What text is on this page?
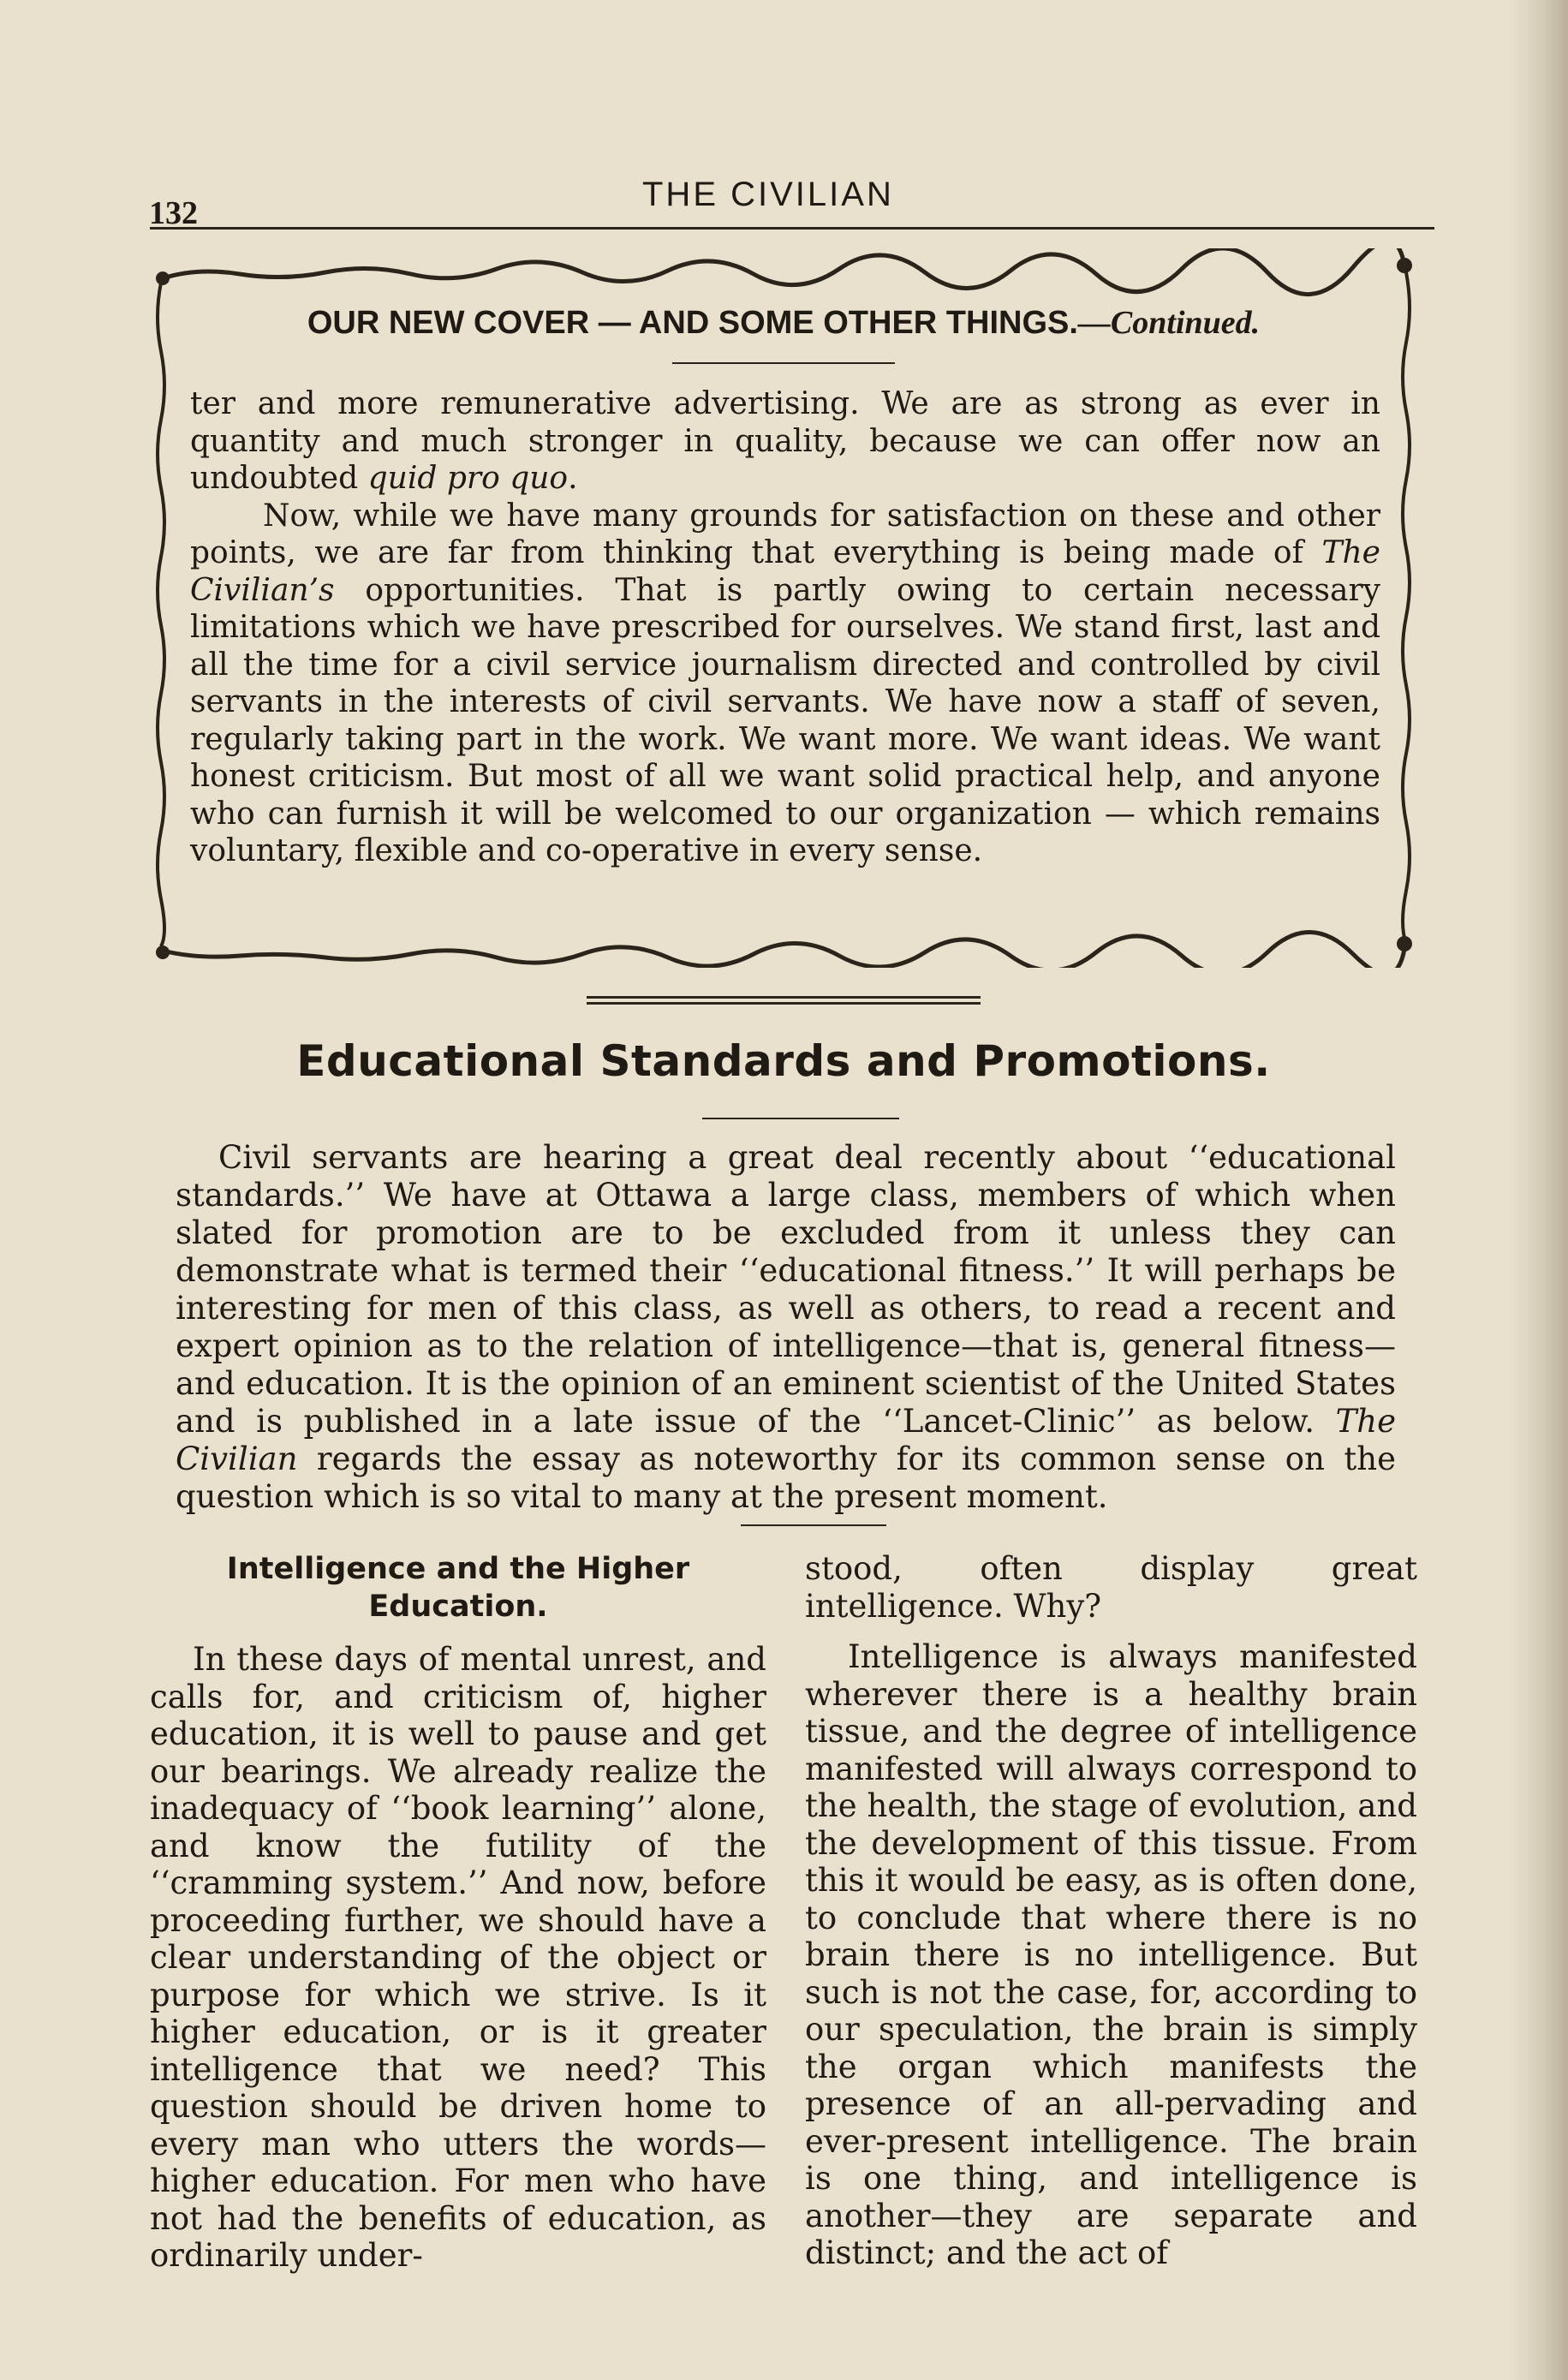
132	THE CIVILIAN
OUR NEW COVER — AND SOME OTHER THINGS.—Continued.

ter and more remunerative advertising. We are as strong as ever in quantity and much stronger in quality, because we can offer now an undoubted quid pro quo.

Now, while we have many grounds for satisfaction on these and other points, we are far from thinking that everything is being made of The Civilian’s opportunities. That is partly owing to certain necessary limitations which we have prescribed for ourselves. We stand first, last and all the time for a civil service journalism directed and controlled by civil servants in the interests of civil servants. We have now a staff of seven, regularly taking part in the work. We want more. We want ideas. We want honest criticism. But most of all we want solid practical help, and anyone who can furnish it will be welcomed to our organization — which remains voluntary, flexible and co-operative in every sense.

Educational Standards and Promotions.

Civil servants are hearing a great deal recently about ‘‘educational standards.’’ We have at Ottawa a large class, members of which when slated for promotion are to be excluded from it unless they can demonstrate what is termed their ‘‘educational fitness.’’ It will perhaps be interesting for men of this class, as well as others, to read a recent and expert opinion as to the relation of intelligence—that is, general fitness—and education. It is the opinion of an eminent scientist of the United States and is published in a late issue of the ‘‘Lancet-Clinic’’ as below. The Civilian regards the essay as noteworthy for its common sense on the question which is so vital to many at the present moment.

Intelligence and the Higher Education.

In these days of mental unrest, and calls for, and criticism of, higher education, it is well to pause and get our bearings. We already realize the inadequacy of ‘‘book learning’’ alone, and know the futility of the ‘‘cramming system.’’ And now, before proceeding further, we should have a clear understanding of the object or purpose for which we strive. Is it higher education, or is it greater intelligence that we need? This question should be driven home to every man who utters the words—higher education. For men who have not had the benefits of education, as ordinarily under-

stood, often display great intelligence. Why?

Intelligence is always manifested wherever there is a healthy brain tissue, and the degree of intelligence manifested will always correspond to the health, the stage of evolution, and the development of this tissue. From this it would be easy, as is often done, to conclude that where there is no brain there is no intelligence. But such is not the case, for, according to our speculation, the brain is simply the organ which manifests the presence of an all-pervading and ever-present intelligence. The brain is one thing, and intelligence is another—they are separate and distinct; and the act of
